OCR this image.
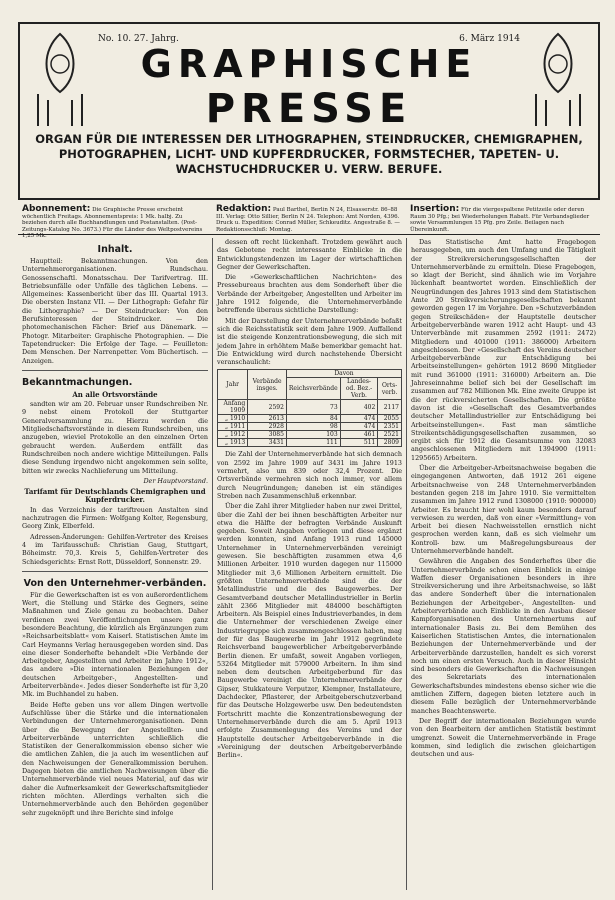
No. 10. 27. Jahrg.	6. März 1914
GRAPHISCHE
PRESSE
ORGAN FÜR DIE INTERESSEN DER LITHOGRAPHEN, STEINDRUCKER, CHEMIGRAPHEN, PHOTOGRAPHEN, LICHT- UND KUPFERDRUCKER, FORMSTECHER, TAPETEN- U. WACHSTUCHDRUCKER U. VERW. BERUFE.
Abonnement: Die Graphische Presse erscheint wöchentlich Freitags. Abonnementspreis: 1 Mk. halbj. Zu beziehen durch alle Buchhandlungen und Postanstalten. (Post-Zeitungs-Katalog No. 3673.) Für die Länder des Weltpostvereins 1,25 Mk.
Redaktion: Paul Barthel, Berlin N 24, Elsasserstr. 86–88 III. Verlag: Otto Sillier, Berlin N 24. Telephon: Amt Norden, 4396. Druck u. Expedition: Conrad Müller, Schkeuditz. Angestraße 8. — Redaktionsschluß: Montag.
Insertion: Für die viergespaltene Petitzeile oder deren Raum 30 Pfg.; bei Wiederholungen Rabatt. Für Verbandsglieder sowie Versammlungen 15 Pfg. pro Zeile. Beilagen nach Übereinkunft.
Inhalt.

Hauptteil: Bekanntmachungen. Von den Unternehmerorganisationen. Rundschau. Genossenschaftl. Monatsschau. Der Tarifvertrag. III. Betriebsunfälle oder Unfälle des täglichen Lebens. — Allgemeines: Kassenbericht über das III. Quartal 1913. Die obersten Instanz VII. — Der Lithograph: Gefahr für die Lithographie? — Der Steindrucker: Von den Berufsinteressen der Steindrucker. — Die photomechanischen Fächer: Brief aus Dänemark. — Photogr. Mitarbeiter: Graphische Photographien. — Die Tapetendrucker: Die Erfolge der Tage. — Feuilleton: Dem Menschen. Der Narrenpetter. Vom Büchertisch. — Anzeigen.

Bekanntmachungen.
An alle Ortsvorstände

sandten wir am 20. Februar unser Rundschreiben Nr. 9 nebst einem Protokoll der Stuttgarter Generalversammlung zu. Hierzu werden die Mitgliedschaftsvorstände in diesem Rundschreiben, uns anzugeben, wieviel Protokolle an den einzelnen Orten gebraucht werden. Außerdem entfällt das Rundschreiben noch andere wichtige Mitteilungen. Falls diese Sendung irgendwo nicht angekommen sein sollte, bitten wir zwecks Nachlieferung um Mitteilung.

Der Hauptvorstand.
Tarifamt für Deutschlands Chemigraphen und Kupferdrucker.

In das Verzeichnis der tariftreuen Anstalten sind nachzutragen die Firmen: Wolfgang Kolter, Regensburg, Georg Zink, Elberfeld.

Adressen-Änderungen: Gehilfen-Vertreter des Kreises 4 im Tarifausschuß: Christian Gaug, Stuttgart, Böheimstr. 70,3. Kreis 5, Gehilfen-Vertreter des Schiedsgerichts: Ernst Rott, Düsseldorf, Sonnenstr. 29.

Von den Unternehmer-verbänden.

Für die Gewerkschaften ist es von außerordentlichem Wert, die Stellung und Stärke des Gegners, seine Maßnahmen und Ziele genau zu beobachten. Daher verdienen zwei Veröffentlichungen unsere ganz besondere Beachtung, die kürzlich als Ergänzungen zum »Reichsarbeitsblatt« vom Kaiserl. Statistischen Amte im Carl Heymanns Verlag herausgegeben worden sind. Das eine dieser Sonderhefte behandelt »Die Verbände der Arbeitgeber, Angestellten und Arbeiter im Jahre 1912«, das andere »Die internationalen Beziehungen der deutschen Arbeitgeber-, Angestellten- und Arbeiterverbände«. Jedes dieser Sonderhefte ist für 3,20 Mk. im Buchhandel zu haben.

Beide Hefte geben uns vor allem Dingen wertvolle Aufschlüsse über die Stärke und die internationalen Verbindungen der Unternehmerorganisationen. Denn über die Bewegung der Angestellten- und Arbeiterverbände unterrichten schließlich die Statistiken der Generalkommission ebenso sicher wie die amtlichen Zahlen, die ja auch im wesentlichen auf den Nachweisungen der Generalkommission beruhen. Dagegen bieten die amtlichen Nachweisungen über die Unternehmerverbände viel neues Material, auf das wir daher die Aufmerksamkeit der Gewerkschaftsmitglieder richten möchten. Allerdings verhalten sich die Unternehmerverbände auch den Behörden gegenüber sehr zugeknöpft und ihre Berichte sind infolge

dessen oft recht lückenhaft. Trotzdem gewährt auch das Gebotene recht interessante Einblicke in die Entwicklungstendenzen im Lager der wirtschaftlichen Gegner der Gewerkschaften.

Die »Gewerkschaftlichen Nachrichten« des Pressebureaus brachten aus dem Sonderheft über die Verbände der Arbeitgeber, Angestellten und Arbeiter im Jahre 1912 folgende, die Unternehmerverbände betreffende überaus sichtliche Darstellung:

Mit der Darstellung der Unternehmerverbände befaßt sich die Reichsstatistik seit dem Jahre 1909. Auffallend ist die steigende Konzentrationsbewegung, die sich mit jedem Jahre in erhöhtem Maße bemerkbar gemacht hat. Die Entwicklung wird durch nachstehende Übersicht veranschaulicht:

Jahr	Verbände insges.	Davon		
		Reichsverbände	Landes-od. Bez.-Verb.	Orts-verb.
Anfang 1909	2592	73	402	2117
„ 1910	2613	84	474	2055
„ 1911	2928	98	474	2351
„ 1912	3085	103	461	2521
„ 1913	3431	111	511	2809

Die Zahl der Unternehmerverbände hat sich demnach von 2592 im Jahre 1909 auf 3431 im Jahre 1913 vermehrt, also um 839 oder 32,4 Prozent. Die Ortsverbände vermehren sich noch immer, vor allem durch Neugründungen; daneben ist ein ständiges Streben nach Zusammenschluß erkennbar.

Über die Zahl ihrer Mitglieder haben nur zwei Drittel, über die Zahl der bei ihnen beschäftigten Arbeiter nur etwa die Hälfte der befragten Verbände Auskunft gegeben. Soweit Angaben vorliegen und diese ergänzt werden konnten, sind Anfang 1913 rund 145000 Unternehmer in Unternehmerverbänden vereinigt gewesen. Sie beschäftigten zusammen etwa 4,6 Millionen Arbeiter. 1910 wurden dagegen nur 115000 Mitglieder mit 3,6 Millionen Arbeitern ermittelt. Die größten Unternehmerverbände sind die der Metallindustrie und die des Baugewerbes. Der Gesamtverband deutscher Metallindustrieller in Berlin zählt 2366 Mitglieder mit 484000 beschäftigten Arbeitern. Als Beispiel eines Industrieverbandes, in dem die Unternehmer der verschiedenen Zweige einer Industriegruppe sich zusammengeschlossen haben, mag der für das Baugewerbe im Jahr 1912 gegründete Reichsverband baugewerblicher Arbeitgeberverbände Berlin dienen. Er umfaßt, soweit Angaben vorliegen, 53264 Mitglieder mit 579000 Arbeitern. In ihm sind neben dem deutschen Arbeitgeberbund für das Baugewerbe vereinigt die Unternehmerverbände der Gipser, Stukkateure Verputzer, Klempner, Installateure, Dachdecker, Pflasterer, der Arbeitgeberschutzverband für das Deutsche Holzgewerbe usw. Den bedeutendsten Fortschritt machte die Konzentrationsbewegung der Unternehmerverbände durch die am 5. April 1913 erfolgte Zusammenlegung des Vereins und der Hauptstelle deutscher Arbeitgeberverbände in die »Vereinigung der deutschen Arbeitgeberverbände Berlin«.

Das Statistische Amt hatte Fragebogen herausgegeben, um auch den Umfang und die Tätigkeit der Streikversicherungsgesellschaften der Unternehmerverbände zu ermitteln. Diese Fragebogen, so klagt der Bericht, sind ähnlich wie im Vorjahre lückenhaft beantwortet worden. Einschließlich der Neugründungen des Jahres 1913 sind dem Statistischen Amte 20 Streikversicherungsgesellschaften bekannt geworden gegen 17 im Vorjahre. Den »Schutzverbänden gegen Streikschäden« der Hauptstelle deutscher Arbeitgeberverbände waren 1912 acht Haupt- und 43 Unterverbände mit zusammen 2592 (1911: 2472) Mitgliedern und 401000 (1911: 386000) Arbeitern angeschlossen. Der »Gesellschaft des Vereins deutscher Arbeitgeberverbände zur Entschädigung bei Arbeitseinstellungen« gehörten 1912 8690 Mitglieder mit rund 361000 (1911: 316000) Arbeitern an. Die Jahreseinnahme belief sich bei der Gesellschaft im zusammen auf 782 Millionen Mk. Eine zweite Gruppe ist die der rückversicherten Gesellschaften. Die größte davon ist die »Gesellschaft des Gesamtverbandes deutscher Metallindustrieller zur Entschädigung bei Arbeitseinstellungen«. Fast man sämtliche Streikentschädigungsgesellschaften zusammen, so ergibt sich für 1912 die Gesamtsumme von 32083 angeschlossenen Mitgliedern mit 1394900 (1911: 1295665) Arbeitern.

Über die Arbeitgeber-Arbeitsnachweise begaben die eingegangenen Antworten, daß 1912 261 eigene Arbeitsnachweise von 248 Unternehmerverbänden bestanden gegen 218 im Jahre 1910. Sie vermittelten zusammen im Jahre 1912 rund 1308000 (1910: 900000) Arbeiter. Es braucht hier wohl kaum besonders darauf verwiesen zu werden, daß von einer »Vermittlung« von Arbeit bei diesen Nachweisstellen ernstlich nicht gesprochen werden kann, daß es sich vielmehr um Kontroll- bzw. um Maßregelungsbureaus der Unternehmerverbände handelt.

Gewähren die Angaben des Sonderheftes über die Unternehmerverbände schon einen Einblick in einige Waffen dieser Organisationen besonders in ihre Streikversicherung und ihre Arbeitsnachweise, so läßt das andere Sonderheft über die internationalen Beziehungen der Arbeitgeber-, Angestellten- und Arbeiterverbände auch Einblicke in den Ausbau dieser Kampforganisationen des Unternehmertums auf internationaler Basis zu. Bei dem Bemühen des Kaiserlichen Statistischen Amtes, die internationalen Beziehungen der Unternehmerverbände und der Arbeiterverbände darzustellen, handelt es sich vorerst noch um einen ersten Versuch. Auch in dieser Hinsicht sind besonders die Gewerkschaften die Nachweisungen des Sekretariats des internationalen Gewerkschaftsbundes mindestens ebenso sicher wie die amtlichen Ziffern, dagegen bieten letztere auch in diesem Falle bezüglich der Unternehmerverbände manches Beachtenswerte.

Der Begriff der internationalen Beziehungen wurde von den Bearbeitern der amtlichen Statistik bestimmt umgrenzt. Soweit die Unternehmerverbände in Frage kommen, sind lediglich die zwischen gleichartigen deutschen und aus-
